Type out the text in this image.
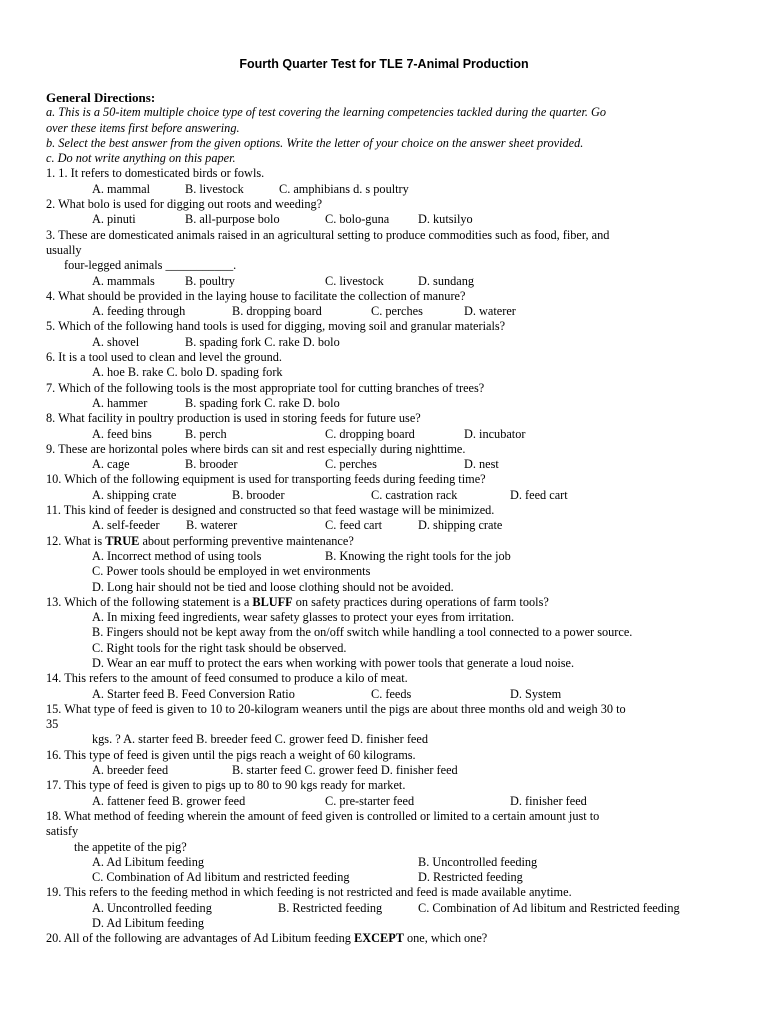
Fourth Quarter Test for TLE 7-Animal Production
General Directions:
a. This is a 50-item multiple choice type of test covering the learning competencies tackled during the quarter. Go
over these items first before answering.
b. Select the best answer from the given options. Write the letter of your choice on the answer sheet provided.
c. Do not write anything on this paper.
1. 1. It refers to domesticated birds or fowls.
A. mammal	B. livestock	C. amphibians d. s poultry
2. What bolo is used for digging out roots and weeding?
A. pinuti	B. all-purpose bolo	C. bolo-guna D. kutsilyo
3. These are domesticated animals raised in an agricultural setting to produce commodities such as food, fiber, and
usually
four-legged animals ___________.
A. mammals B. poultry	C. livestock	D. sundang
4. What should be provided in the laying house to facilitate the collection of manure?
A. feeding through	B. dropping board	C. perches	D. waterer
5. Which of the following hand tools is used for digging, moving soil and granular materials?
A. shovel	B. spading fork C. rake D. bolo
6. It is a tool used to clean and level the ground.
A. hoe B. rake C. bolo D. spading fork
7. Which of the following tools is the most appropriate tool for cutting branches of trees?
A. hammer	B. spading fork C. rake D. bolo
8. What facility in poultry production is used in storing feeds for future use?
A. feed bins	B. perch	C. dropping board	D. incubator
9. These are horizontal poles where birds can sit and rest especially during nighttime.
A. cage	B. brooder	C. perches	D. nest
10. Which of the following equipment is used for transporting feeds during feeding time?
A. shipping crate	B. brooder	C. castration rack	D. feed cart
11. This kind of feeder is designed and constructed so that feed wastage will be minimized.
A. self-feeder B. waterer	C. feed cart	D. shipping crate
12. What is TRUE about performing preventive maintenance?
A. Incorrect method of using tools	B. Knowing the right tools for the job
C. Power tools should be employed in wet environments
D. Long hair should not be tied and loose clothing should not be avoided.
13. Which of the following statement is a BLUFF on safety practices during operations of farm tools?
A. In mixing feed ingredients, wear safety glasses to protect your eyes from irritation.
B. Fingers should not be kept away from the on/off switch while handling a tool connected to a power source.
C. Right tools for the right task should be observed.
D. Wear an ear muff to protect the ears when working with power tools that generate a loud noise.
14. This refers to the amount of feed consumed to produce a kilo of meat.
A. Starter feed B. Feed Conversion Ratio	C. feeds	D. System
15. What type of feed is given to 10 to 20-kilogram weaners until the pigs are about three months old and weigh 30 to
35
kgs. ? A. starter feed B. breeder feed C. grower feed D. finisher feed
16. This type of feed is given until the pigs reach a weight of 60 kilograms.
A. breeder feed	B. starter feed C. grower feed D. finisher feed
17. This type of feed is given to pigs up to 80 to 90 kgs ready for market.
A. fattener feed B. grower feed	C. pre-starter feed	D. finisher feed
18. What method of feeding wherein the amount of feed given is controlled or limited to a certain amount just to
satisfy
the appetite of the pig?
A. Ad Libitum feeding	B. Uncontrolled feeding
C. Combination of Ad libitum and restricted feeding	D. Restricted feeding
19. This refers to the feeding method in which feeding is not restricted and feed is made available anytime.
A. Uncontrolled feeding	B. Restricted feeding	C. Combination of Ad libitum and Restricted feeding
D. Ad Libitum feeding
20. All of the following are advantages of Ad Libitum feeding EXCEPT one, which one?
